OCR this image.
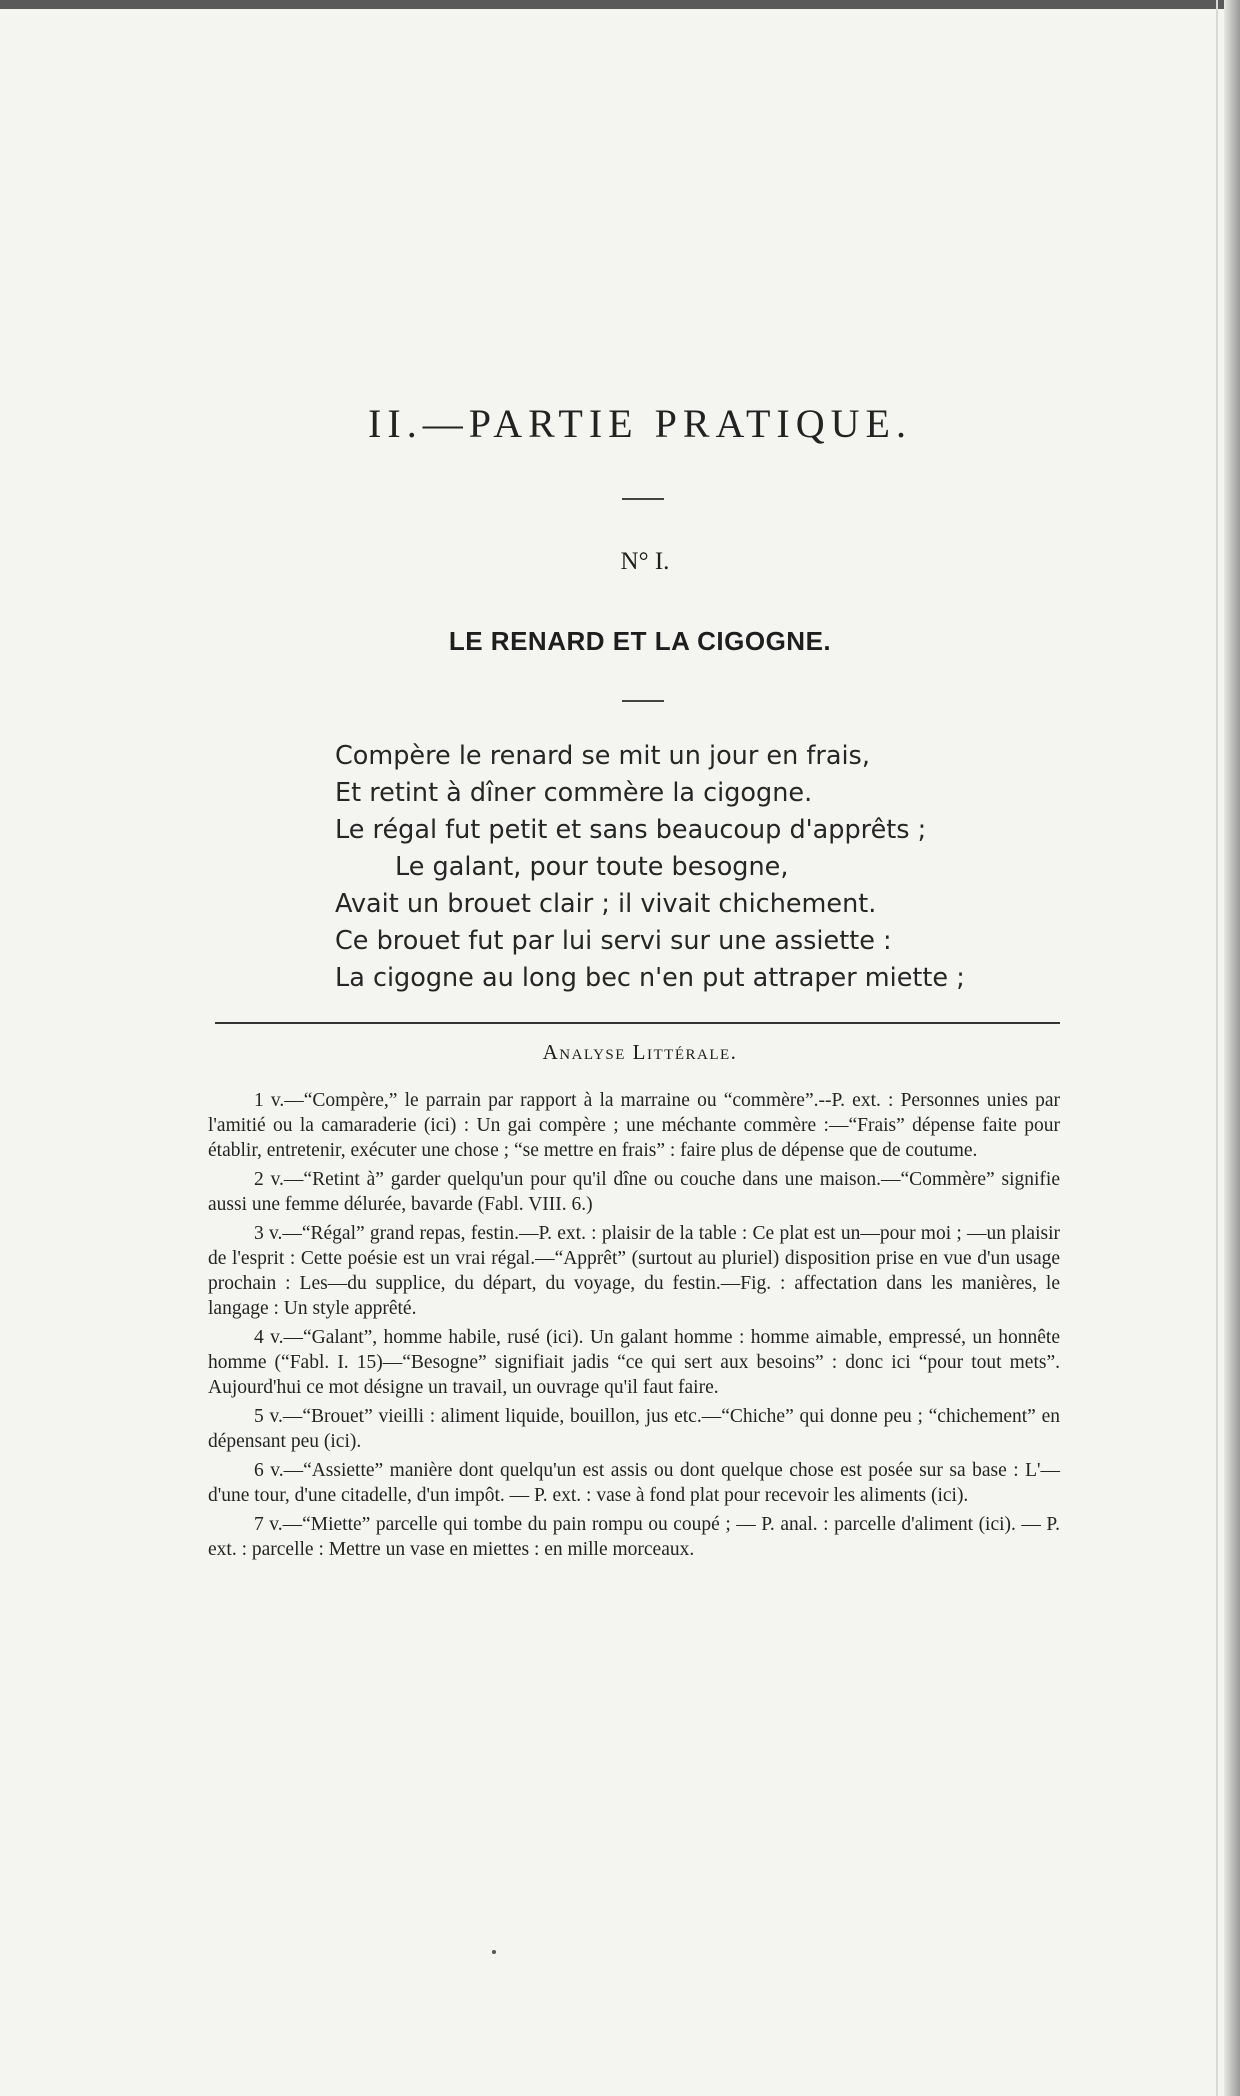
II.—PARTIE PRATIQUE.
N° I.
LE RENARD ET LA CIGOGNE.
Compère le renard se mit un jour en frais,
Et retint à dîner commère la cigogne.
Le régal fut petit et sans beaucoup d'apprêts ;
Le galant, pour toute besogne,
Avait un brouet clair ; il vivait chichement.
Ce brouet fut par lui servi sur une assiette :
La cigogne au long bec n'en put attraper miette ;
Analyse Littérale.

1 v.—“Compère,” le parrain par rapport à la marraine ou “commère”.--P. ext. : Personnes unies par l'amitié ou la camaraderie (ici) : Un gai compère ; une méchante commère :—“Frais” dépense faite pour établir, entretenir, exécuter une chose ; “se mettre en frais” : faire plus de dépense que de coutume.

2 v.—“Retint à” garder quelqu'un pour qu'il dîne ou couche dans une maison.—“Commère” signifie aussi une femme délurée, bavarde (Fabl. VIII. 6.)

3 v.—“Régal” grand repas, festin.—P. ext. : plaisir de la table : Ce plat est un—pour moi ; —un plaisir de l'esprit : Cette poésie est un vrai régal.—“Apprêt” (surtout au pluriel) disposition prise en vue d'un usage prochain : Les—du supplice, du départ, du voyage, du festin.—Fig. : affectation dans les manières, le langage : Un style apprêté.

4 v.—“Galant”, homme habile, rusé (ici). Un galant homme : homme aimable, empressé, un honnête homme (“Fabl. I. 15)—“Besogne” signifiait jadis “ce qui sert aux besoins” : donc ici “pour tout mets”. Aujourd'hui ce mot désigne un travail, un ouvrage qu'il faut faire.

5 v.—“Brouet” vieilli : aliment liquide, bouillon, jus etc.—“Chiche” qui donne peu ; “chichement” en dépensant peu (ici).

6 v.—“Assiette” manière dont quelqu'un est assis ou dont quelque chose est posée sur sa base : L'— d'une tour, d'une citadelle, d'un impôt. — P. ext. : vase à fond plat pour recevoir les aliments (ici).

7 v.—“Miette” parcelle qui tombe du pain rompu ou coupé ; — P. anal. : parcelle d'aliment (ici). — P. ext. : parcelle : Mettre un vase en miettes : en mille morceaux.
